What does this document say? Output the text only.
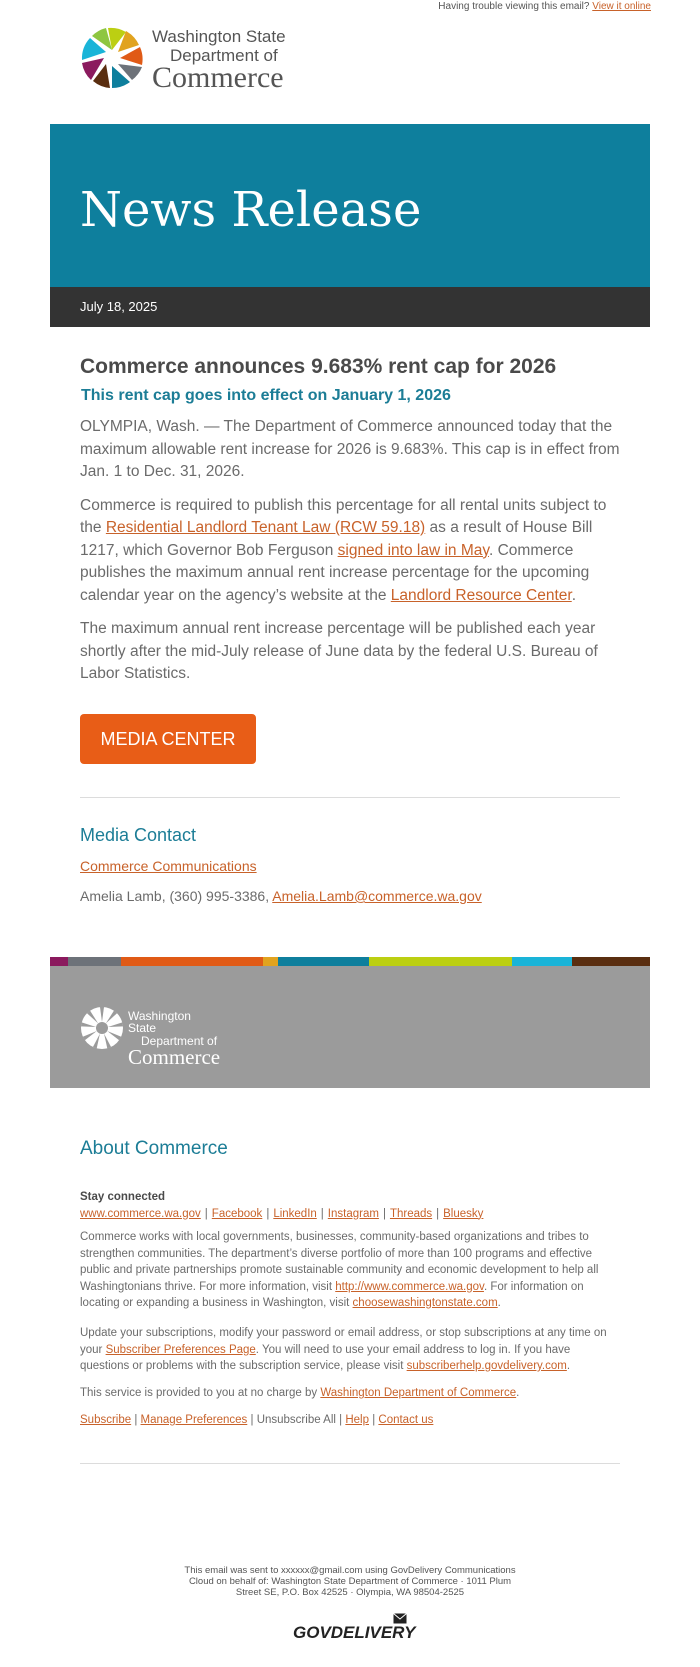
Having trouble viewing this email? View it online
Washington State
Department of
Commerce
News Release
July 18, 2025
Commerce announces 9.683% rent cap for 2026
This rent cap goes into effect on January 1, 2026

OLYMPIA, Wash. — The Department of Commerce announced today that the maximum allowable rent increase for 2026 is 9.683%. This cap is in effect from Jan. 1 to Dec. 31, 2026.

Commerce is required to publish this percentage for all rental units subject to the Residential Landlord Tenant Law (RCW 59.18) as a result of House Bill 1217, which Governor Bob Ferguson signed into law in May. Commerce publishes the maximum annual rent increase percentage for the upcoming calendar year on the agency’s website at the Landlord Resource Center.

The maximum annual rent increase percentage will be published each year shortly after the mid-July release of June data by the federal U.S. Bureau of Labor Statistics.

MEDIA CENTER
Media Contact
Commerce Communications
Amelia Lamb, (360) 995-3386, Amelia.Lamb@commerce.wa.gov
Washington State
Department of
Commerce
About Commerce
Stay connected
www.commerce.wa.gov | Facebook | LinkedIn | Instagram | Threads | Bluesky

Commerce works with local governments, businesses, community-based organizations and tribes to strengthen communities. The department’s diverse portfolio of more than 100 programs and effective public and private partnerships promote sustainable community and economic development to help all Washingtonians thrive. For more information, visit http://www.commerce.wa.gov. For information on locating or expanding a business in Washington, visit choosewashingtonstate.com.

Update your subscriptions, modify your password or email address, or stop subscriptions at any time on your Subscriber Preferences Page. You will need to use your email address to log in. If you have questions or problems with the subscription service, please visit subscriberhelp.govdelivery.com.

This service is provided to you at no charge by Washington Department of Commerce.

Subscribe | Manage Preferences | Unsubscribe All | Help | Contact us

This email was sent to xxxxxx@gmail.com using GovDelivery Communications Cloud on behalf of: Washington State Department of Commerce · 1011 Plum Street SE, P.O. Box 42525 · Olympia, WA 98504-2525
GOVDELIVERY
